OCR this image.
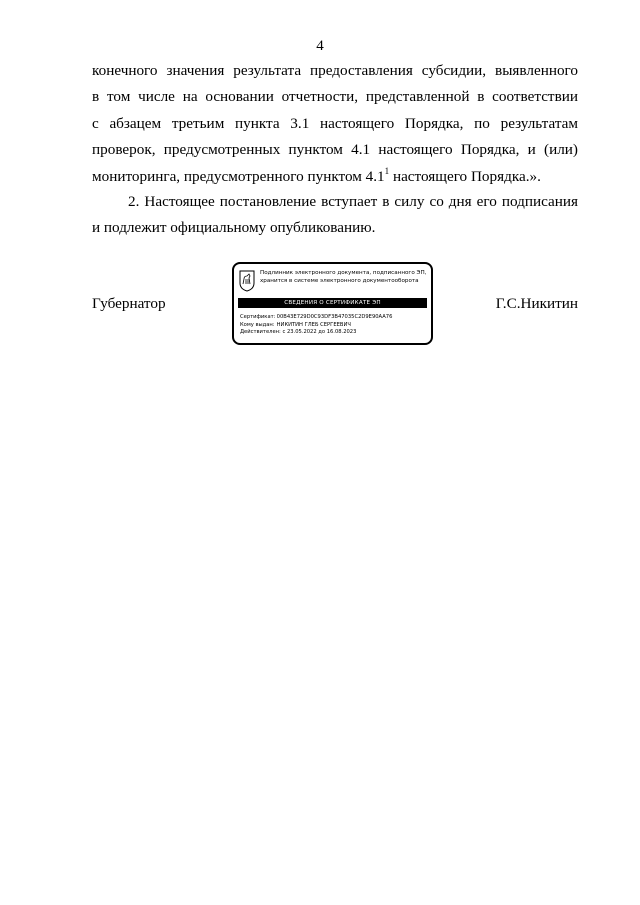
4
конечного значения результата предоставления субсидии, выявленного
в том числе на основании отчетности, представленной в соответствии
с абзацем третьим пункта 3.1 настоящего Порядка, по результатам
проверок, предусмотренных пунктом 4.1 настоящего Порядка, и (или)
мониторинга, предусмотренного пунктом $4.1^1$ настоящего Порядка.».
2. Настоящее постановление вступает в силу со дня его подписания
и подлежит официальному опубликованию.
Губернатор	Г.С.Никитин
Подлинник электронного документа, подписанного ЭП,
хранится в системе электронного документооборота
СВЕДЕНИЯ О СЕРТИФИКАТЕ ЭП
Сертификат: 00B43E729D0C93DF3B47035C2D9E90AA76
Кому выдан: НИКИТИН ГЛЕБ СЕРГЕЕВИЧ
Действителен: с 23.05.2022 до 16.08.2023
